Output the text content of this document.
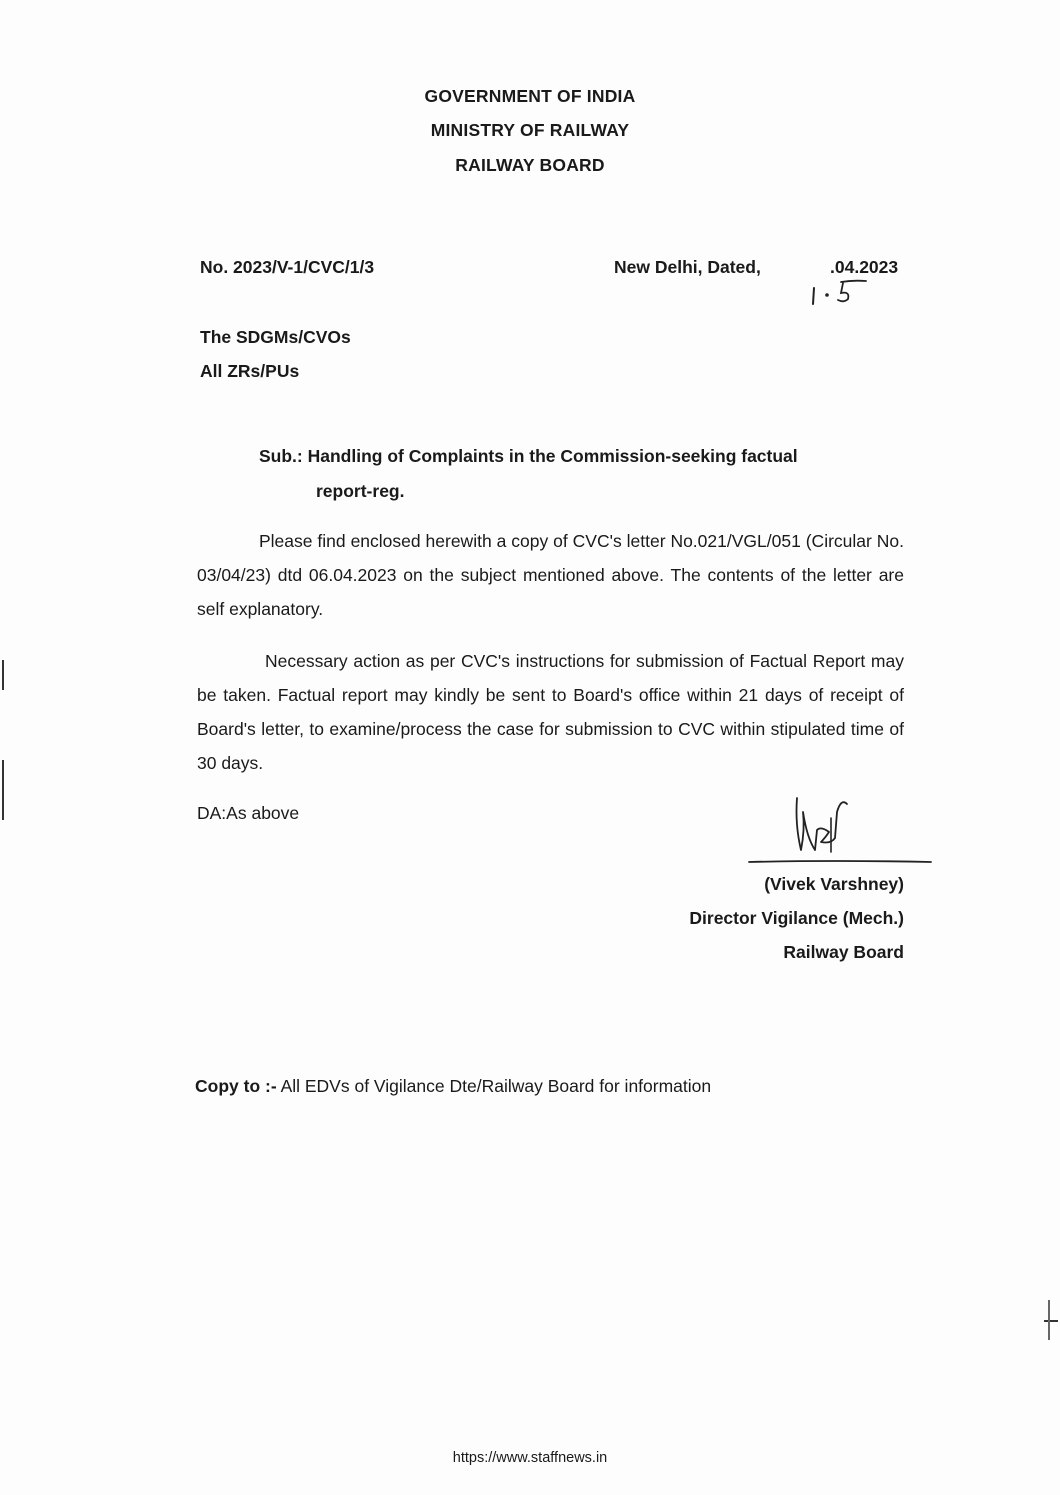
GOVERNMENT OF INDIA
MINISTRY OF RAILWAY
RAILWAY BOARD
No. 2023/V-1/CVC/1/3	New Delhi, Dated,	.04.2023
The SDGMs/CVOs
All ZRs/PUs
Sub.: Handling of Complaints in the Commission-seeking factual
report-reg.
Please find enclosed herewith a copy of CVC's letter No.021/VGL/051 (Circular No. 03/04/23) dtd 06.04.2023 on the subject mentioned above. The contents of the letter are self explanatory.
Necessary action as per CVC's instructions for submission of Factual Report may be taken. Factual report may kindly be sent to Board's office within 21 days of receipt of Board's letter, to examine/process the case for submission to CVC within stipulated time of 30 days.
DA:As above
(Vivek Varshney)
Director Vigilance (Mech.)
Railway Board
Copy to :- All EDVs of Vigilance Dte/Railway Board for information
https://www.staffnews.in
